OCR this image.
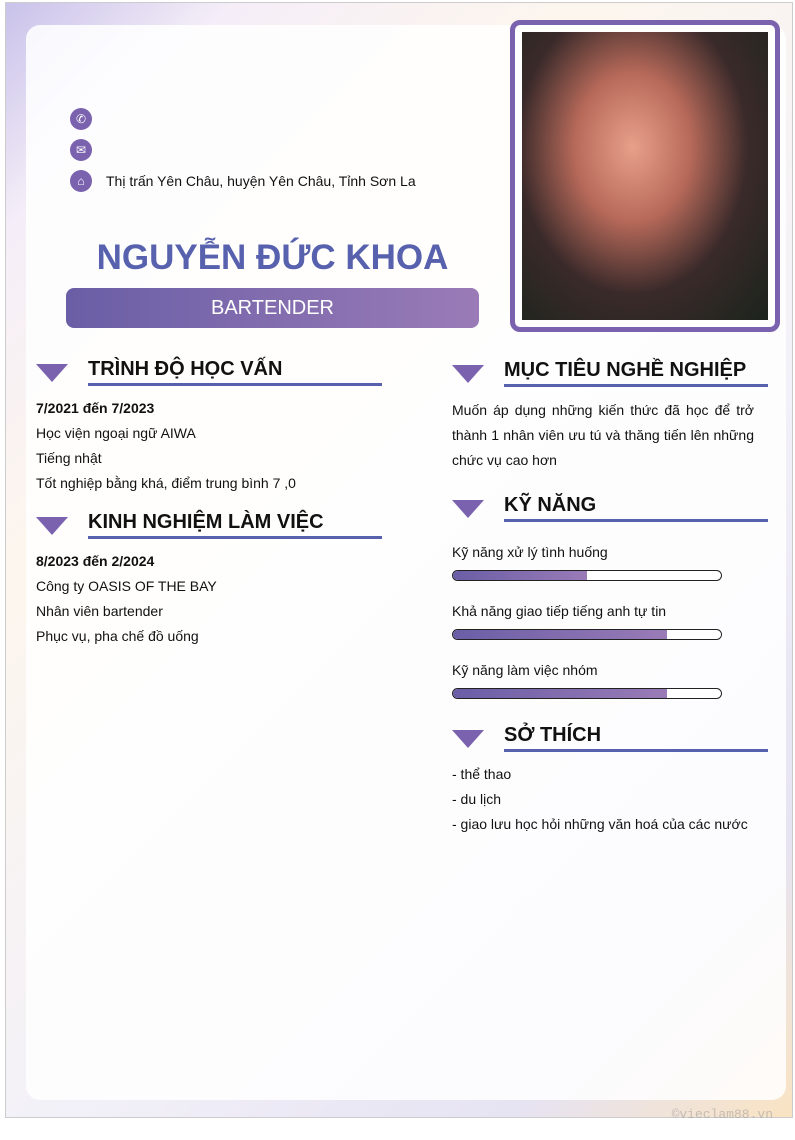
✆
✉
⌂	Thị trấn Yên Châu, huyện Yên Châu, Tỉnh Sơn La
NGUYỄN ĐỨC KHOA
BARTENDER
TRÌNH ĐỘ HỌC VẤN
7/2021 đến 7/2023
Học viện ngoại ngữ AIWA
Tiếng nhật
Tốt nghiệp bằng khá, điểm trung bình 7 ,0
KINH NGHIỆM LÀM VIỆC
8/2023 đến 2/2024
Công ty OASIS OF THE BAY
Nhân viên bartender
Phục vụ, pha chế đồ uống
MỤC TIÊU NGHỀ NGHIỆP
Muốn áp dụng những kiến thức đã học để trở thành 1 nhân viên ưu tú và thăng tiến lên những chức vụ cao hơn
KỸ NĂNG
Kỹ năng xử lý tình huống
Khả năng giao tiếp tiếng anh tự tin
Kỹ năng làm việc nhóm
SỞ THÍCH
- thể thao
- du lịch
- giao lưu học hỏi những văn hoá của các nước
©vieclam88.vn
